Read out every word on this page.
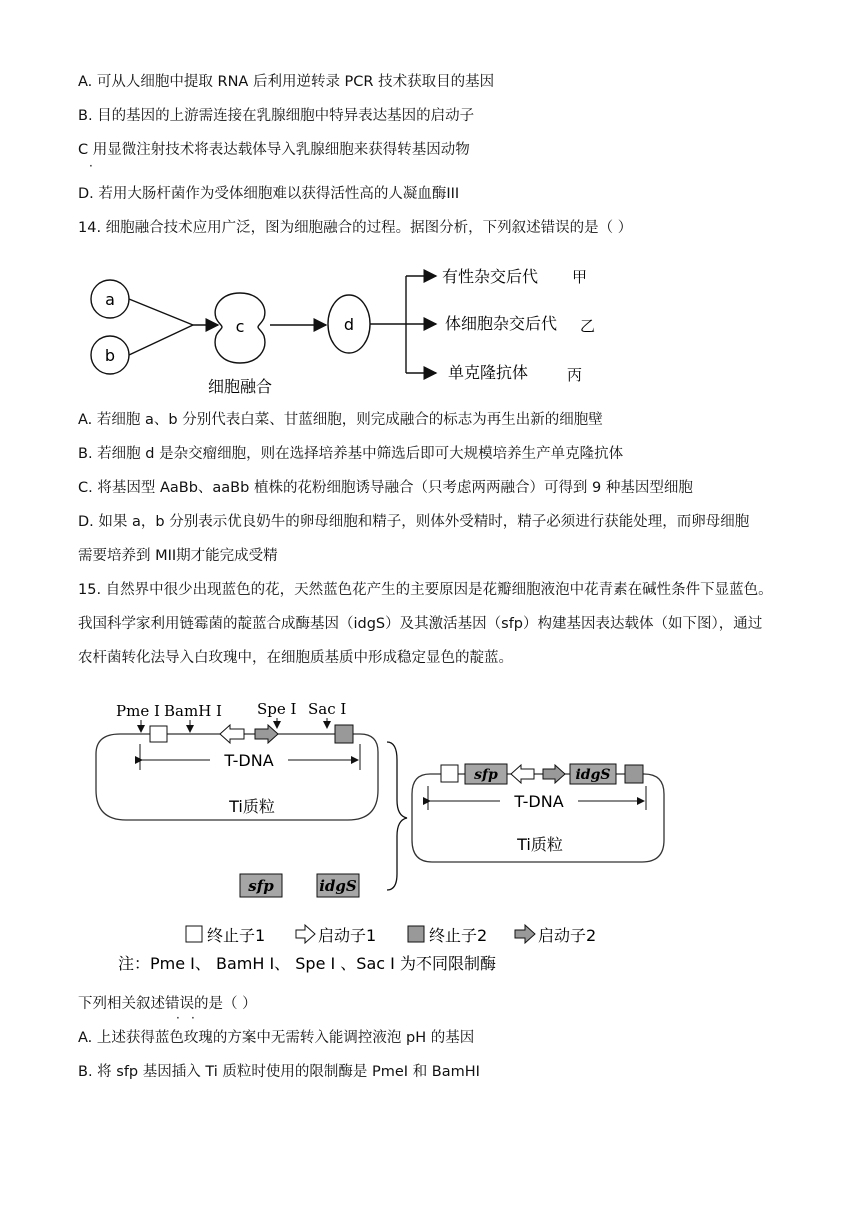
A. 可从人细胞中提取 RNA 后利用逆转录 PCR 技术获取目的基因
B. 目的基因的上游需连接在乳腺细胞中特异表达基因的启动子
C 用显微注射技术将表达载体导入乳腺细胞来获得转基因动物
·
D. 若用大肠杆菌作为受体细胞难以获得活性高的人凝血酶III
14. 细胞融合技术应用广泛，图为细胞融合的过程。据图分析，下列叙述错误的是（ ）
a
b
c
细胞融合
d
有性杂交后代 甲
体细胞杂交后代 乙
单克隆抗体	丙
A. 若细胞 a、b 分别代表白菜、甘蓝细胞，则完成融合的标志为再生出新的细胞壁
B. 若细胞 d 是杂交瘤细胞，则在选择培养基中筛选后即可大规模培养生产单克隆抗体
C. 将基因型 AaBb、aaBb 植株的花粉细胞诱导融合（只考虑两两融合）可得到 9 种基因型细胞
D. 如果 a，b 分别表示优良奶牛的卵母细胞和精子，则体外受精时，精子必须进行获能处理，而卵母细胞
需要培养到 MII期才能完成受精
15. 自然界中很少出现蓝色的花，天然蓝色花产生的主要原因是花瓣细胞液泡中花青素在碱性条件下显蓝色。
我国科学家利用链霉菌的靛蓝合成酶基因（idgS）及其激活基因（sfp）构建基因表达载体（如下图），通过
农杆菌转化法导入白玫瑰中，在细胞质基质中形成稳定显色的靛蓝。
Pme I BamH I Spe I Sac I
T-DNA
Ti质粒
sfp	idgS
sfp	idgS
T-DNA
Ti质粒
终止子1	启动子1	终止子2	启动子2
注：Pme I、 BamH I、 Spe I 、Sac I 为不同限制酶
下列相关叙述错误的是（ ）
· ·
A. 上述获得蓝色玫瑰的方案中无需转入能调控液泡 pH 的基因
B. 将 sfp 基因插入 Ti 质粒时使用的限制酶是 PmeI 和 BamHI
